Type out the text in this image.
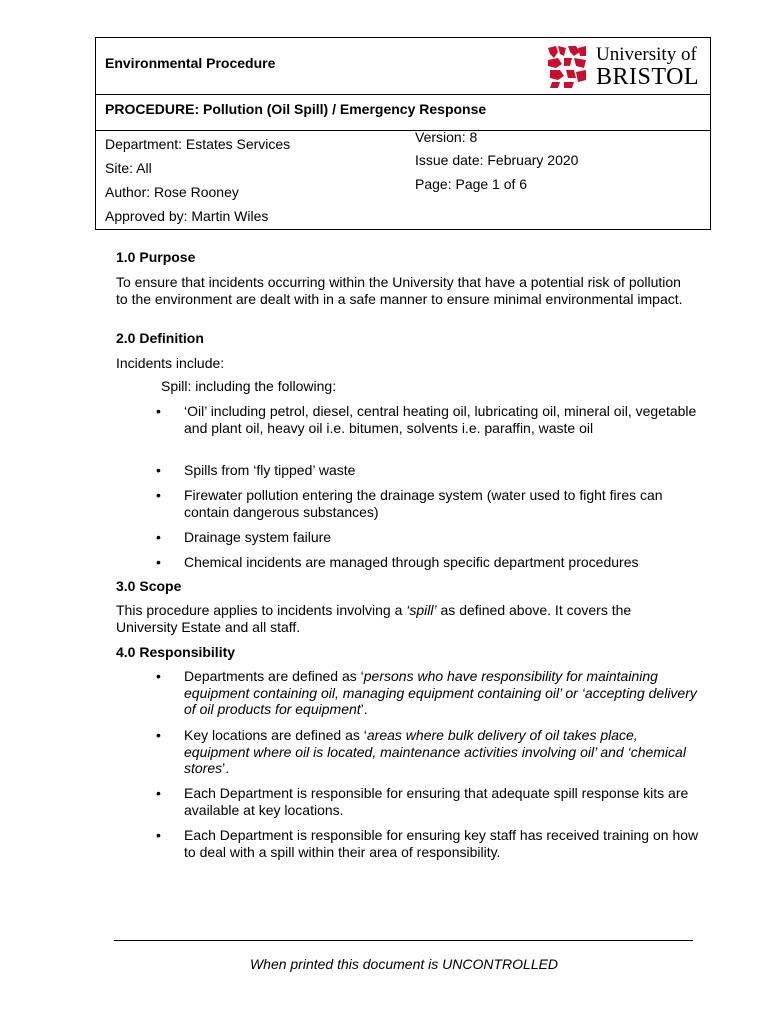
Environmental Procedure
PROCEDURE: Pollution (Oil Spill) / Emergency Response
Department: Estates Services
Site: All
Author: Rose Rooney
Approved by: Martin Wiles
Version: 8
Issue date: February 2020
Page: Page 1 of 6
University of
BRISTOL
1.0 Purpose
To ensure that incidents occurring within the University that have a potential risk of pollution to the environment are dealt with in a safe manner to ensure minimal environmental impact.
2.0 Definition
Incidents include:
Spill: including the following:
• ‘Oil’ including petrol, diesel, central heating oil, lubricating oil, mineral oil, vegetable and plant oil, heavy oil i.e. bitumen, solvents i.e. paraffin, waste oil
• Spills from ‘fly tipped’ waste
• Firewater pollution entering the drainage system (water used to fight fires can contain dangerous substances)
• Drainage system failure
• Chemical incidents are managed through specific department procedures
3.0 Scope
This procedure applies to incidents involving a ‘spill’ as defined above. It covers the University Estate and all staff.
4.0 Responsibility
• Departments are defined as ‘persons who have responsibility for maintaining equipment containing oil, managing equipment containing oil’ or ‘accepting delivery of oil products for equipment’.
• Key locations are defined as ‘areas where bulk delivery of oil takes place, equipment where oil is located, maintenance activities involving oil’ and ‘chemical stores’.
• Each Department is responsible for ensuring that adequate spill response kits are available at key locations.
• Each Department is responsible for ensuring key staff has received training on how to deal with a spill within their area of responsibility.
When printed this document is UNCONTROLLED
